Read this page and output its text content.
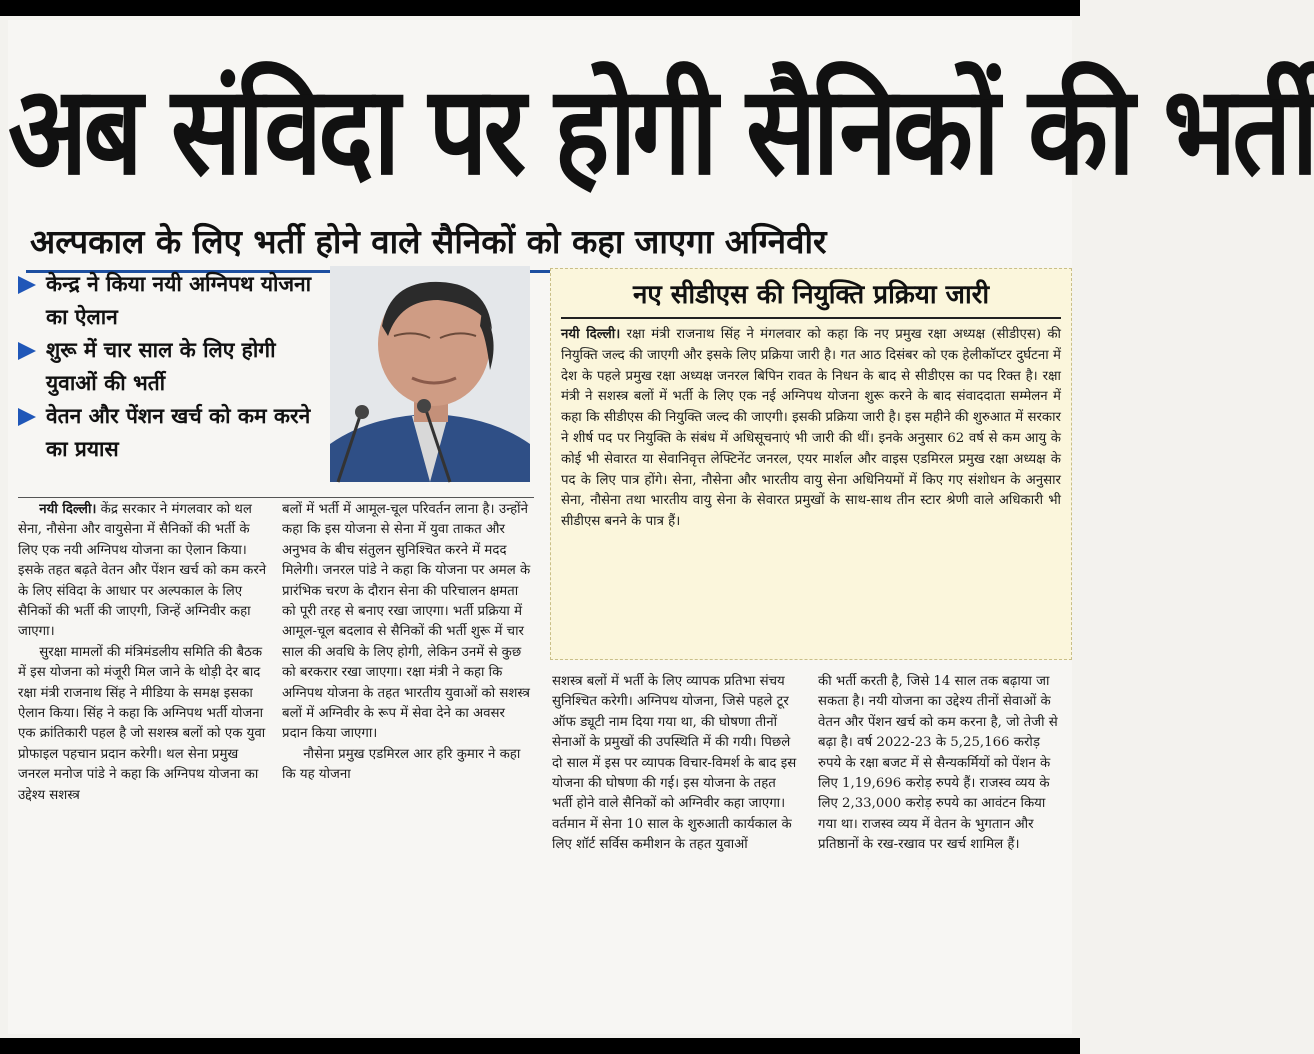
अब संविदा पर होगी सैनिकों की भर्ती
अल्पकाल के लिए भर्ती होने वाले सैनिकों को कहा जाएगा अग्निवीर
केन्द्र ने किया नयी अग्निपथ योजना का ऐलान
शुरू में चार साल के लिए होगी युवाओं की भर्ती
वेतन और पेंशन खर्च को कम करने का प्रयास
नए सीडीएस की नियुक्ति प्रक्रिया जारी
नयी दिल्ली। रक्षा मंत्री राजनाथ सिंह ने मंगलवार को कहा कि नए प्रमुख रक्षा अध्यक्ष (सीडीएस) की नियुक्ति जल्द की जाएगी और इसके लिए प्रक्रिया जारी है। गत आठ दिसंबर को एक हेलीकॉप्टर दुर्घटना में देश के पहले प्रमुख रक्षा अध्यक्ष जनरल बिपिन रावत के निधन के बाद से सीडीएस का पद रिक्त है। रक्षा मंत्री ने सशस्त्र बलों में भर्ती के लिए एक नई अग्निपथ योजना शुरू करने के बाद संवाददाता सम्मेलन में कहा कि सीडीएस की नियुक्ति जल्द की जाएगी। इसकी प्रक्रिया जारी है। इस महीने की शुरुआत में सरकार ने शीर्ष पद पर नियुक्ति के संबंध में अधिसूचनाएं भी जारी की थीं। इनके अनुसार 62 वर्ष से कम आयु के कोई भी सेवारत या सेवानिवृत्त लेफ्टिनेंट जनरल, एयर मार्शल और वाइस एडमिरल प्रमुख रक्षा अध्यक्ष के पद के लिए पात्र होंगे। सेना, नौसेना और भारतीय वायु सेना अधिनियमों में किए गए संशोधन के अनुसार सेना, नौसेना तथा भारतीय वायु सेना के सेवारत प्रमुखों के साथ-साथ तीन स्टार श्रेणी वाले अधिकारी भी सीडीएस बनने के पात्र हैं।

नयी दिल्ली। केंद्र सरकार ने मंगलवार को थल सेना, नौसेना और वायुसेना में सैनिकों की भर्ती के लिए एक नयी अग्निपथ योजना का ऐलान किया। इसके तहत बढ़ते वेतन और पेंशन खर्च को कम करने के लिए संविदा के आधार पर अल्पकाल के लिए सैनिकों की भर्ती की जाएगी, जिन्हें अग्निवीर कहा जाएगा।

सुरक्षा मामलों की मंत्रिमंडलीय समिति की बैठक में इस योजना को मंजूरी मिल जाने के थोड़ी देर बाद रक्षा मंत्री राजनाथ सिंह ने मीडिया के समक्ष इसका ऐलान किया। सिंह ने कहा कि अग्निपथ भर्ती योजना एक क्रांतिकारी पहल है जो सशस्त्र बलों को एक युवा प्रोफाइल पहचान प्रदान करेगी। थल सेना प्रमुख जनरल मनोज पांडे ने कहा कि अग्निपथ योजना का उद्देश्य सशस्त्र

बलों में भर्ती में आमूल-चूल परिवर्तन लाना है। उन्होंने कहा कि इस योजना से सेना में युवा ताकत और अनुभव के बीच संतुलन सुनिश्चित करने में मदद मिलेगी। जनरल पांडे ने कहा कि योजना पर अमल के प्रारंभिक चरण के दौरान सेना की परिचालन क्षमता को पूरी तरह से बनाए रखा जाएगा। भर्ती प्रक्रिया में आमूल-चूल बदलाव से सैनिकों की भर्ती शुरू में चार साल की अवधि के लिए होगी, लेकिन उनमें से कुछ को बरकरार रखा जाएगा। रक्षा मंत्री ने कहा कि अग्निपथ योजना के तहत भारतीय युवाओं को सशस्त्र बलों में अग्निवीर के रूप में सेवा देने का अवसर प्रदान किया जाएगा।

नौसेना प्रमुख एडमिरल आर हरि कुमार ने कहा कि यह योजना

सशस्त्र बलों में भर्ती के लिए व्यापक प्रतिभा संचय सुनिश्चित करेगी। अग्निपथ योजना, जिसे पहले टूर ऑफ ड्यूटी नाम दिया गया था, की घोषणा तीनों सेनाओं के प्रमुखों की उपस्थिति में की गयी। पिछले दो साल में इस पर व्यापक विचार-विमर्श के बाद इस योजना की घोषणा की गई। इस योजना के तहत भर्ती होने वाले सैनिकों को अग्निवीर कहा जाएगा। वर्तमान में सेना 10 साल के शुरुआती कार्यकाल के लिए शॉर्ट सर्विस कमीशन के तहत युवाओं

की भर्ती करती है, जिसे 14 साल तक बढ़ाया जा सकता है। नयी योजना का उद्देश्य तीनों सेवाओं के वेतन और पेंशन खर्च को कम करना है, जो तेजी से बढ़ा है। वर्ष 2022-23 के 5,25,166 करोड़ रुपये के रक्षा बजट में से सैन्यकर्मियों को पेंशन के लिए 1,19,696 करोड़ रुपये हैं। राजस्व व्यय के लिए 2,33,000 करोड़ रुपये का आवंटन किया गया था। राजस्व व्यय में वेतन के भुगतान और प्रतिष्ठानों के रख-रखाव पर खर्च शामिल हैं।
